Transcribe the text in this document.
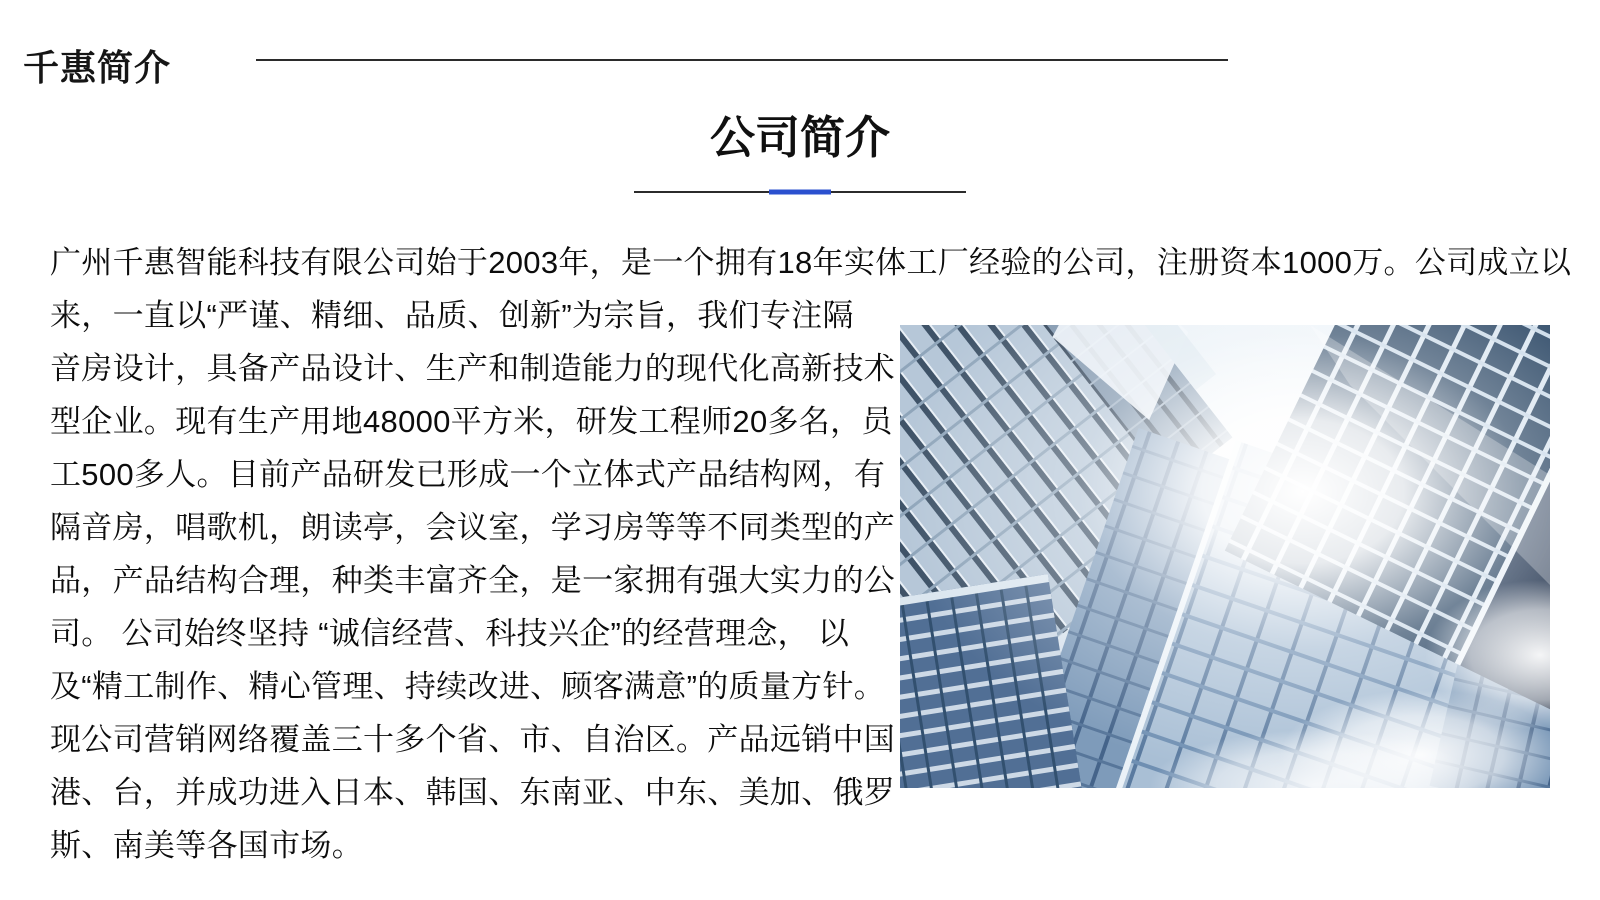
千惠简介
公司简介

广州千惠智能科技有限公司始于2003年，是一个拥有18年实体工厂经验的公司，注册资本1000万。公司成立以

来，一直以“严谨、精细、品质、创新”为宗旨，我们专注隔

音房设计，具备产品设计、生产和制造能力的现代化高新技术

型企业。现有生产用地48000平方米，研发工程师20多名，员

工500多人。目前产品研发已形成一个立体式产品结构网，有

隔音房，唱歌机，朗读亭，会议室，学习房等等不同类型的产

品，产品结构合理，种类丰富齐全，是一家拥有强大实力的公

司。 公司始终坚持 “诚信经营、科技兴企”的经营理念， 以

及“精工制作、精心管理、持续改进、顾客满意”的质量方针。

现公司营销网络覆盖三十多个省、市、自治区。产品远销中国

港、台，并成功进入日本、韩国、东南亚、中东、美加、俄罗

斯、南美等各国市场。
